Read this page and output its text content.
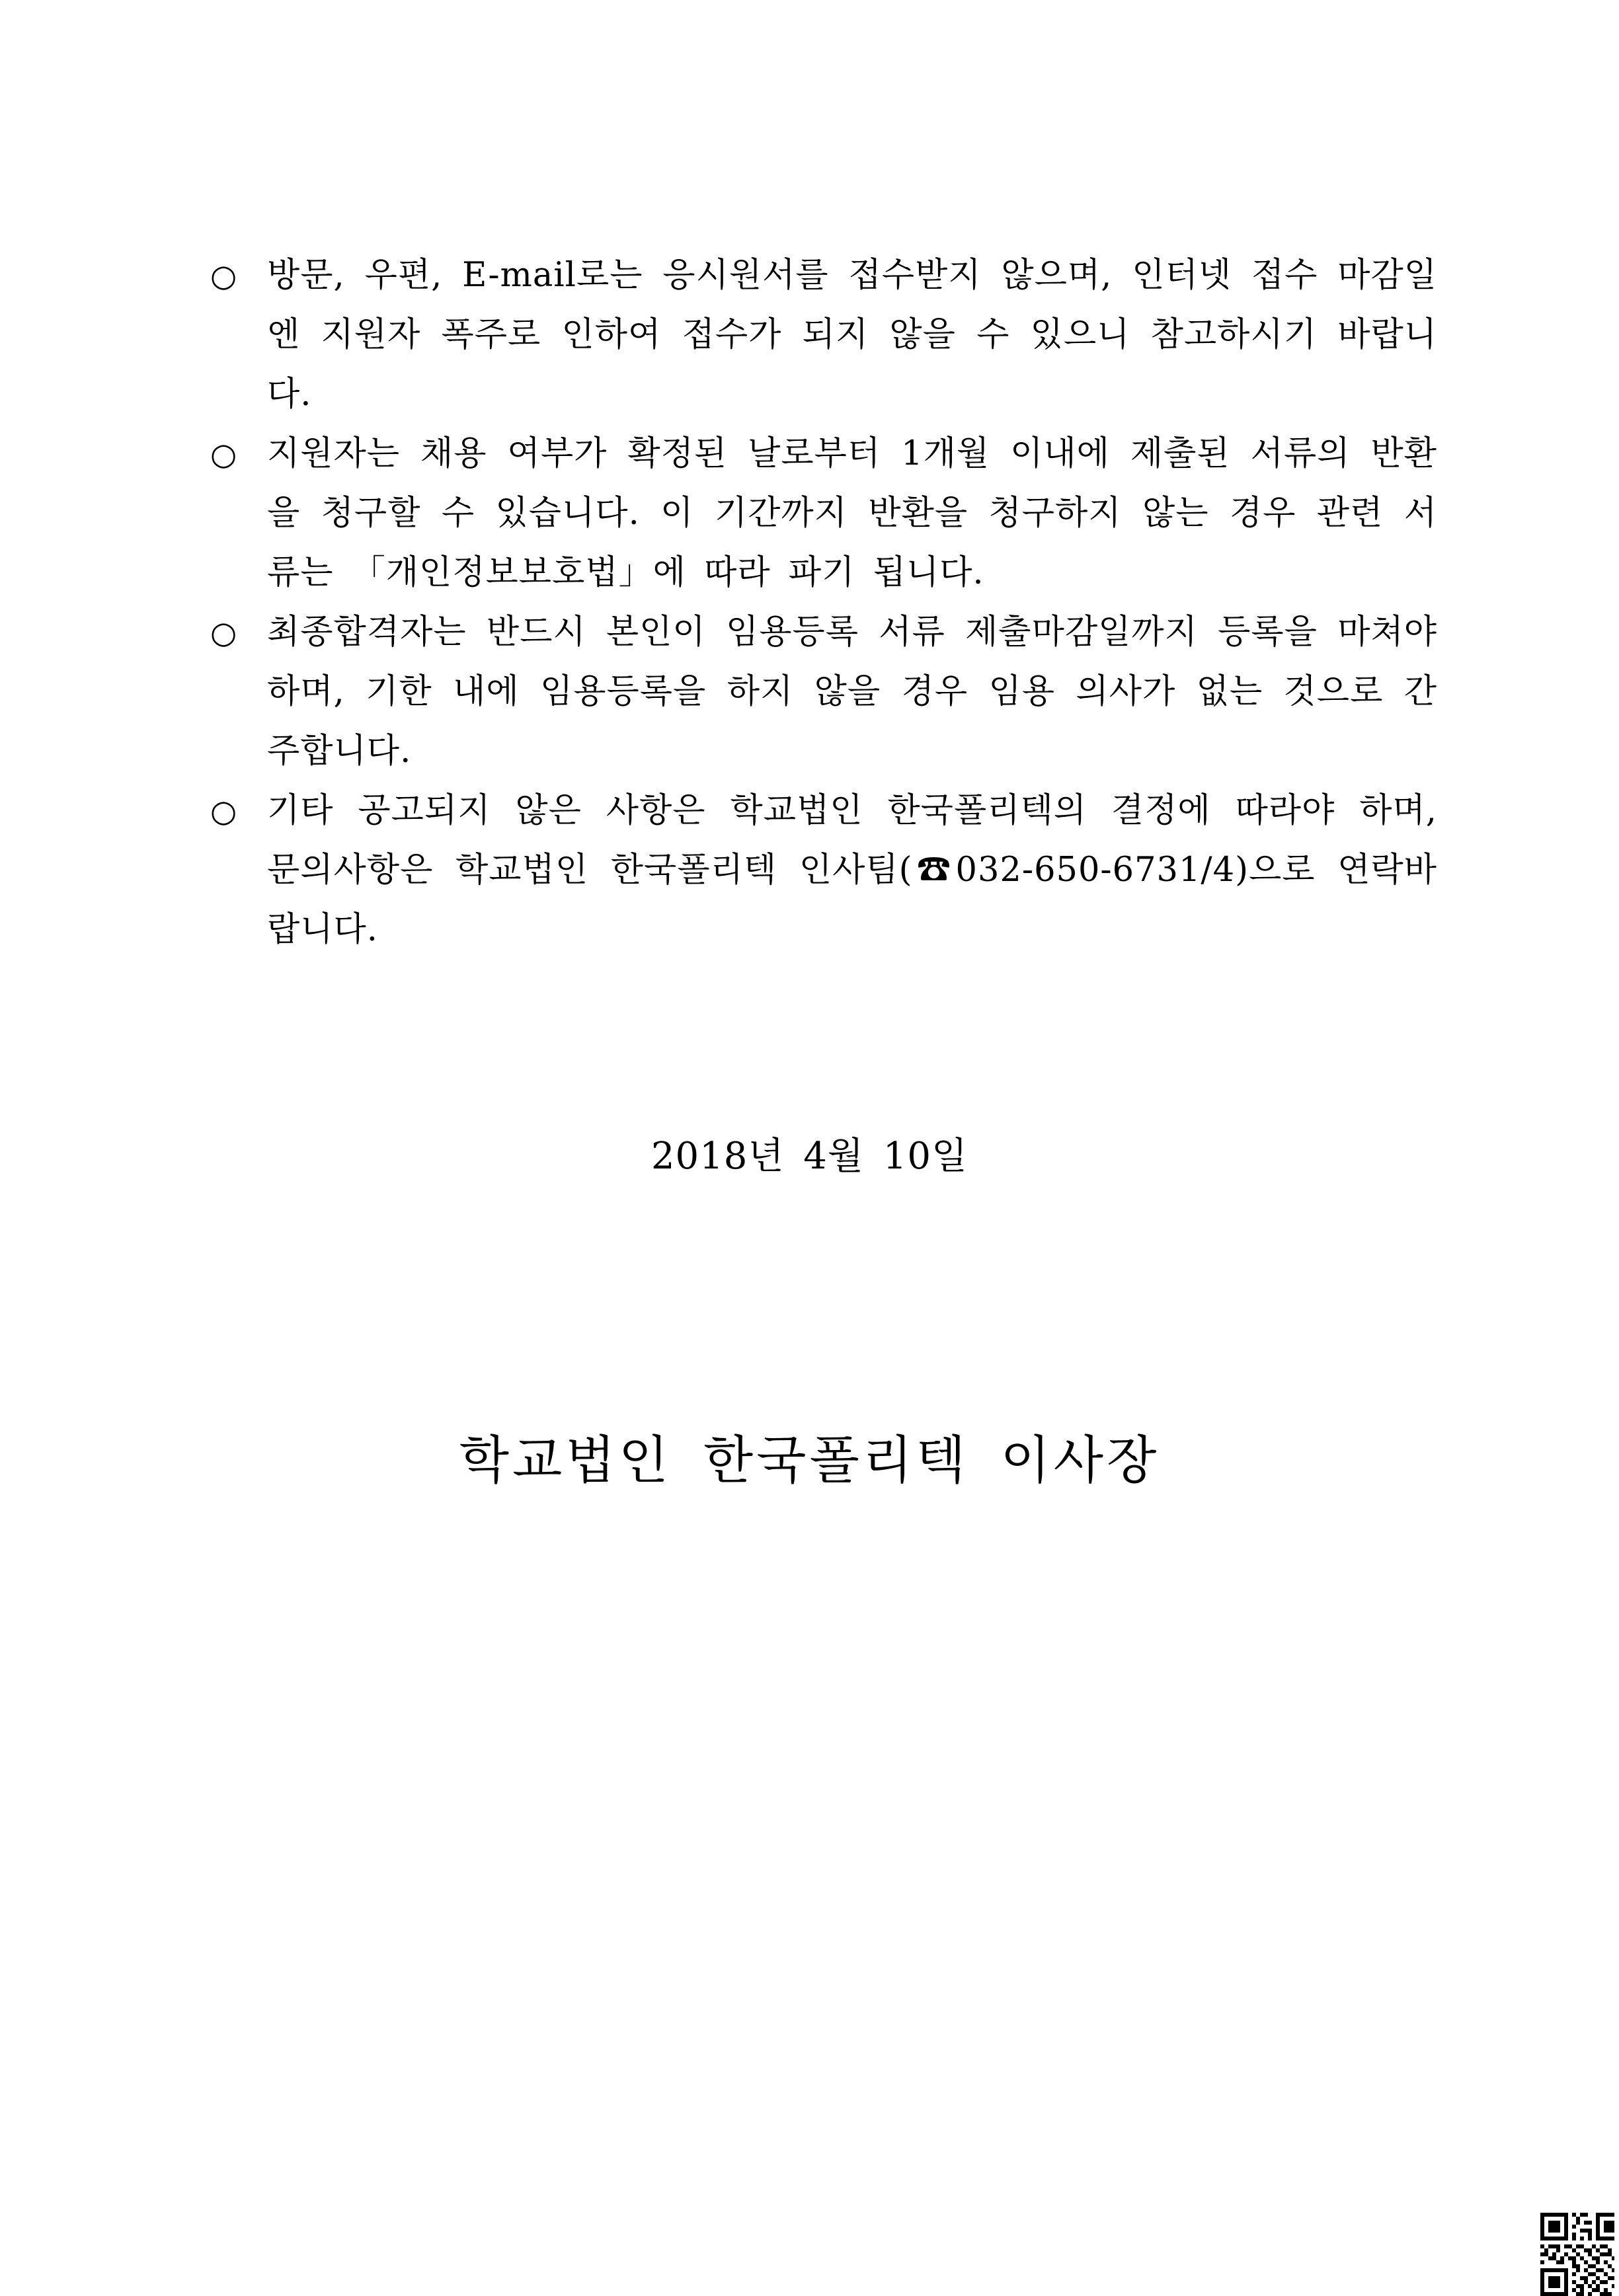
○ 방문, 우편, E-mail로는 응시원서를 접수받지 않으며, 인터넷 접수 마감일엔 지원자 폭주로 인하여 접수가 되지 않을 수 있으니 참고하시기 바랍니다.
○ 지원자는 채용 여부가 확정된 날로부터 1개월 이내에 제출된 서류의 반환을 청구할 수 있습니다. 이 기간까지 반환을 청구하지 않는 경우 관련 서류는 「개인정보보호법」에 따라 파기 됩니다.
○ 최종합격자는 반드시 본인이 임용등록 서류 제출마감일까지 등록을 마쳐야 하며, 기한 내에 임용등록을 하지 않을 경우 임용 의사가 없는 것으로 간주합니다.
○ 기타 공고되지 않은 사항은 학교법인 한국폴리텍의 결정에 따라야 하며, 문의사항은 학교법인 한국폴리텍 인사팀(☎032-650-6731/4)으로 연락바랍니다.
2018년 4월 10일
학교법인 한국폴리텍 이사장
